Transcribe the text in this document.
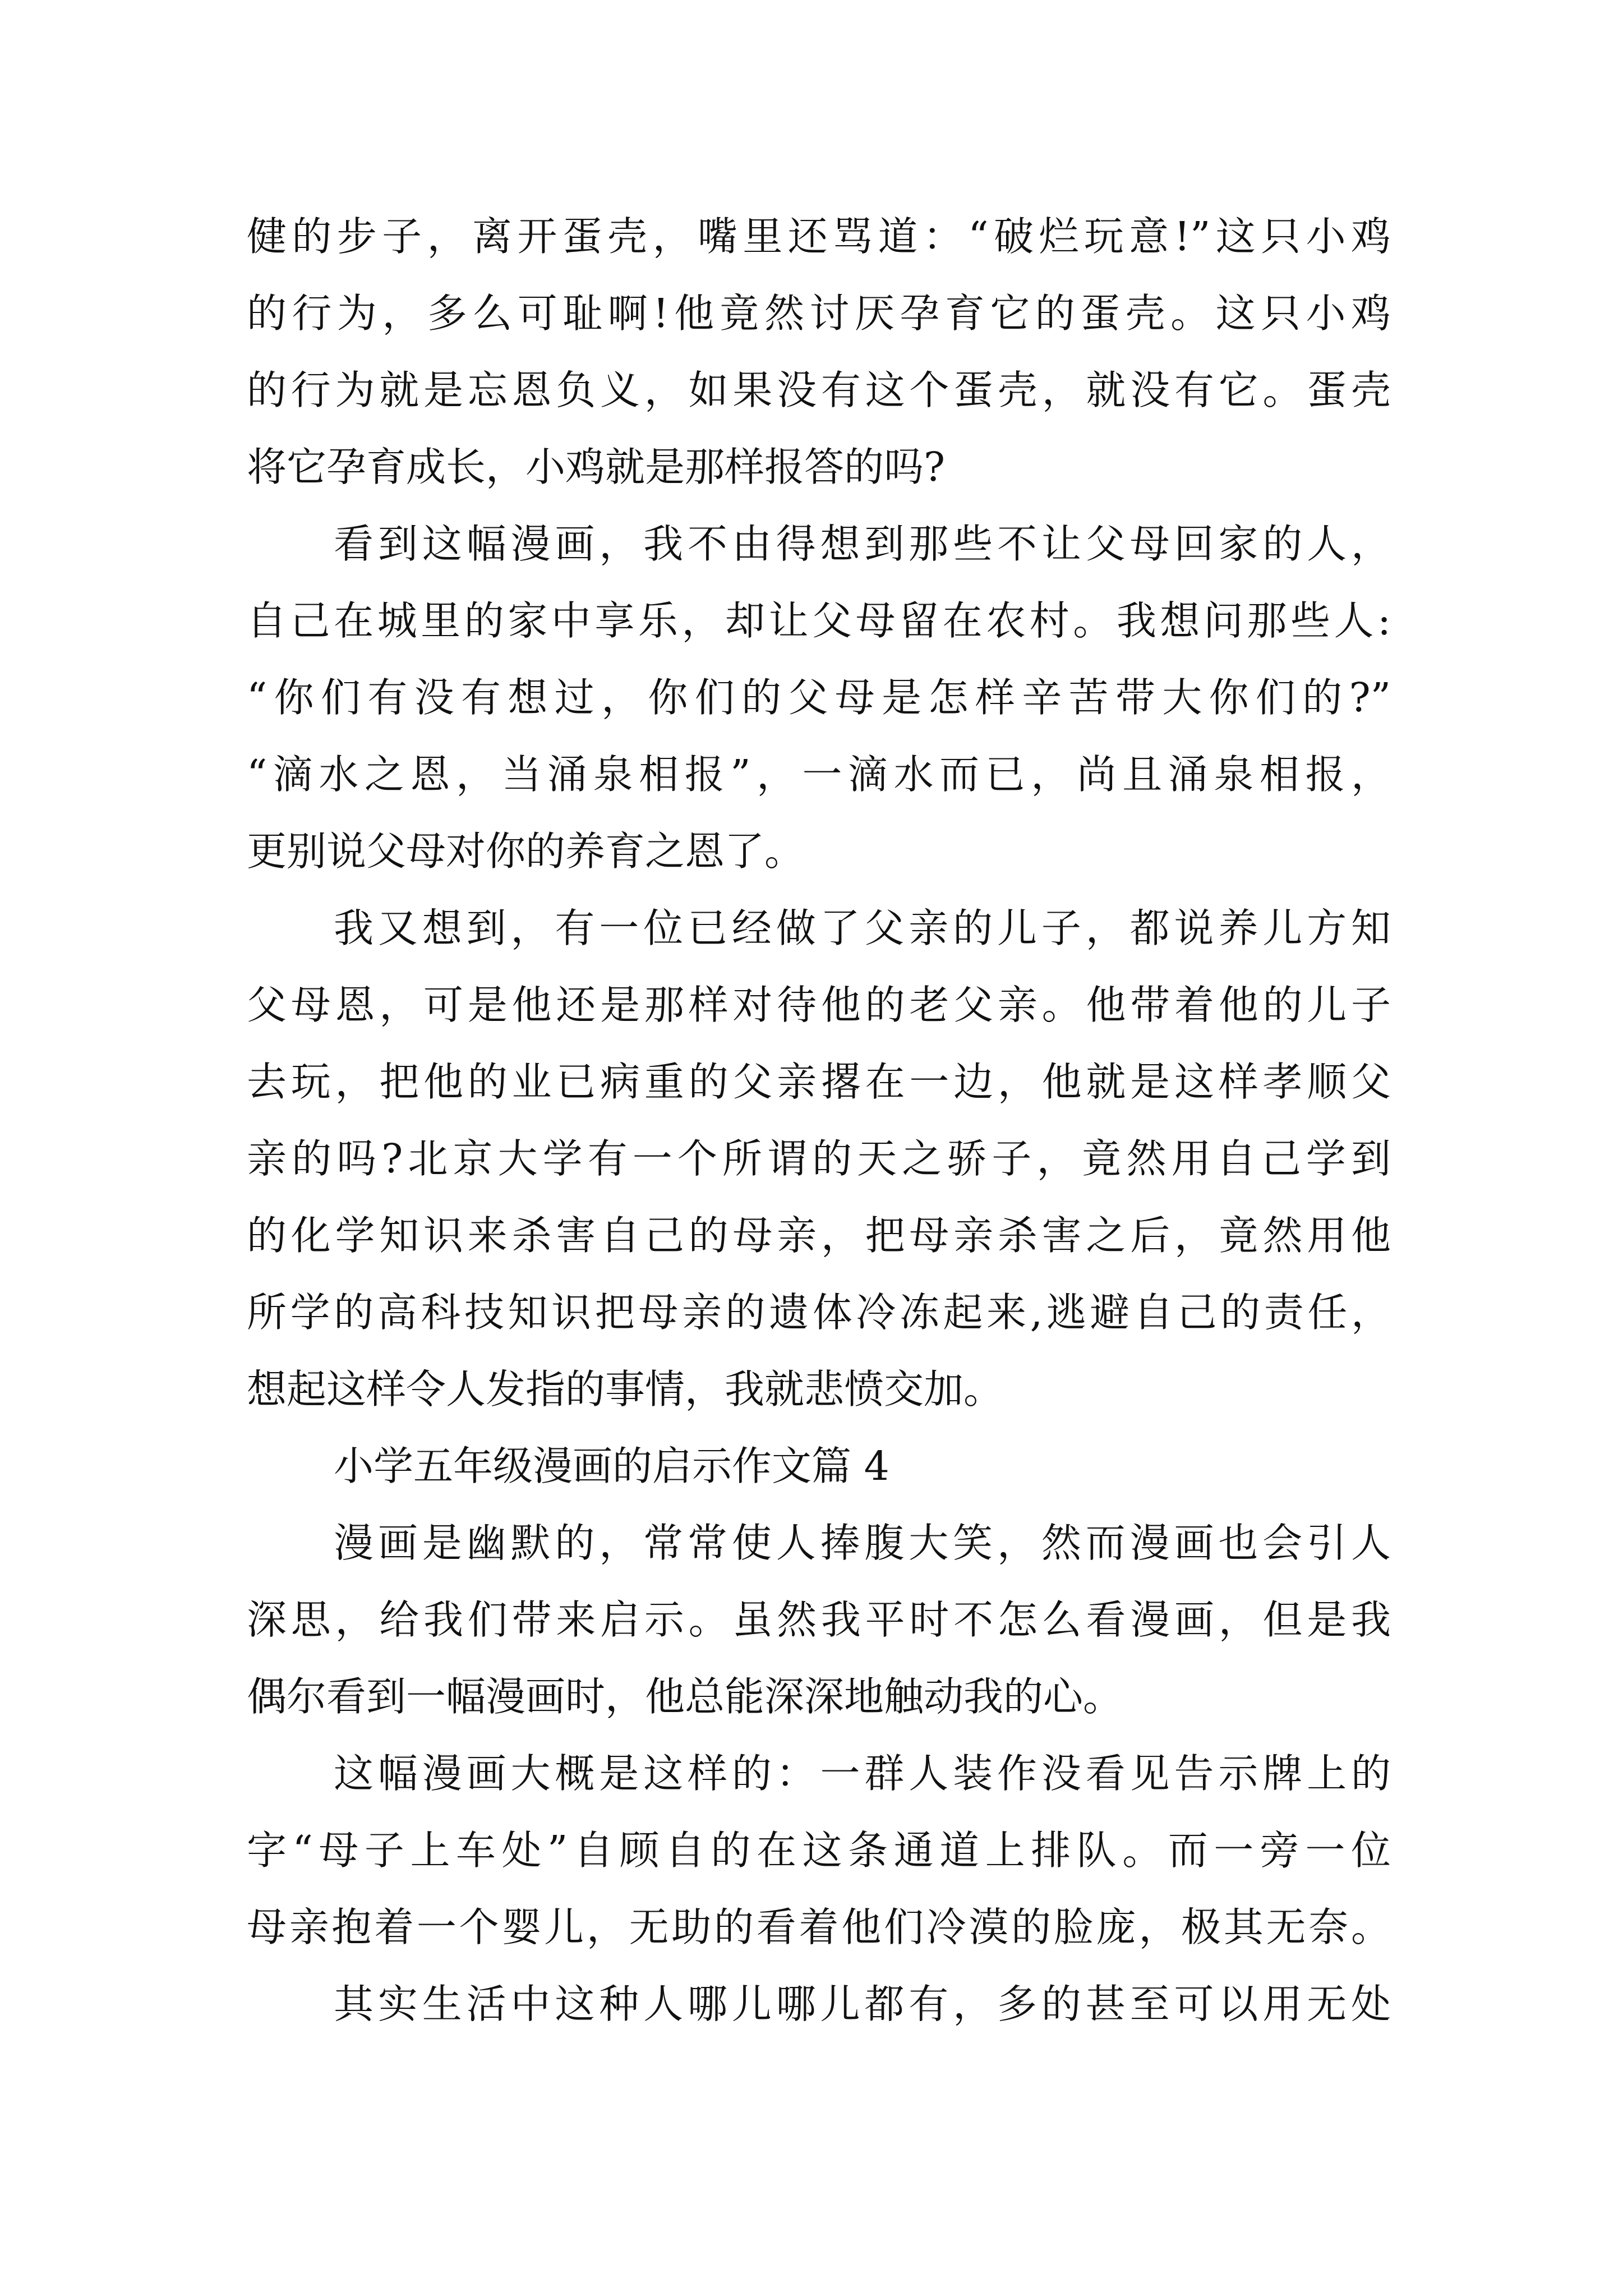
健的步子，离开蛋壳，嘴里还骂道：“破烂玩意!”这只小鸡
的行为，多么可耻啊!他竟然讨厌孕育它的蛋壳。这只小鸡
的行为就是忘恩负义，如果没有这个蛋壳，就没有它。蛋壳
将它孕育成长，小鸡就是那样报答的吗?
看到这幅漫画，我不由得想到那些不让父母回家的人，
自己在城里的家中享乐，却让父母留在农村。我想问那些人:
“你们有没有想过，你们的父母是怎样辛苦带大你们的?”
“滴水之恩，当涌泉相报”，一滴水而已，尚且涌泉相报，
更别说父母对你的养育之恩了。
我又想到，有一位已经做了父亲的儿子，都说养儿方知
父母恩，可是他还是那样对待他的老父亲。他带着他的儿子
去玩，把他的业已病重的父亲撂在一边，他就是这样孝顺父
亲的吗?北京大学有一个所谓的天之骄子，竟然用自己学到
的化学知识来杀害自己的母亲，把母亲杀害之后，竟然用他
所学的高科技知识把母亲的遗体冷冻起来,逃避自己的责任，
想起这样令人发指的事情，我就悲愤交加。
小学五年级漫画的启示作文篇 4
漫画是幽默的，常常使人捧腹大笑，然而漫画也会引人
深思，给我们带来启示。虽然我平时不怎么看漫画，但是我
偶尔看到一幅漫画时，他总能深深地触动我的心。
这幅漫画大概是这样的：一群人装作没看见告示牌上的
字“母子上车处”自顾自的在这条通道上排队。而一旁一位
母亲抱着一个婴儿，无助的看着他们冷漠的脸庞，极其无奈。
其实生活中这种人哪儿哪儿都有，多的甚至可以用无处
